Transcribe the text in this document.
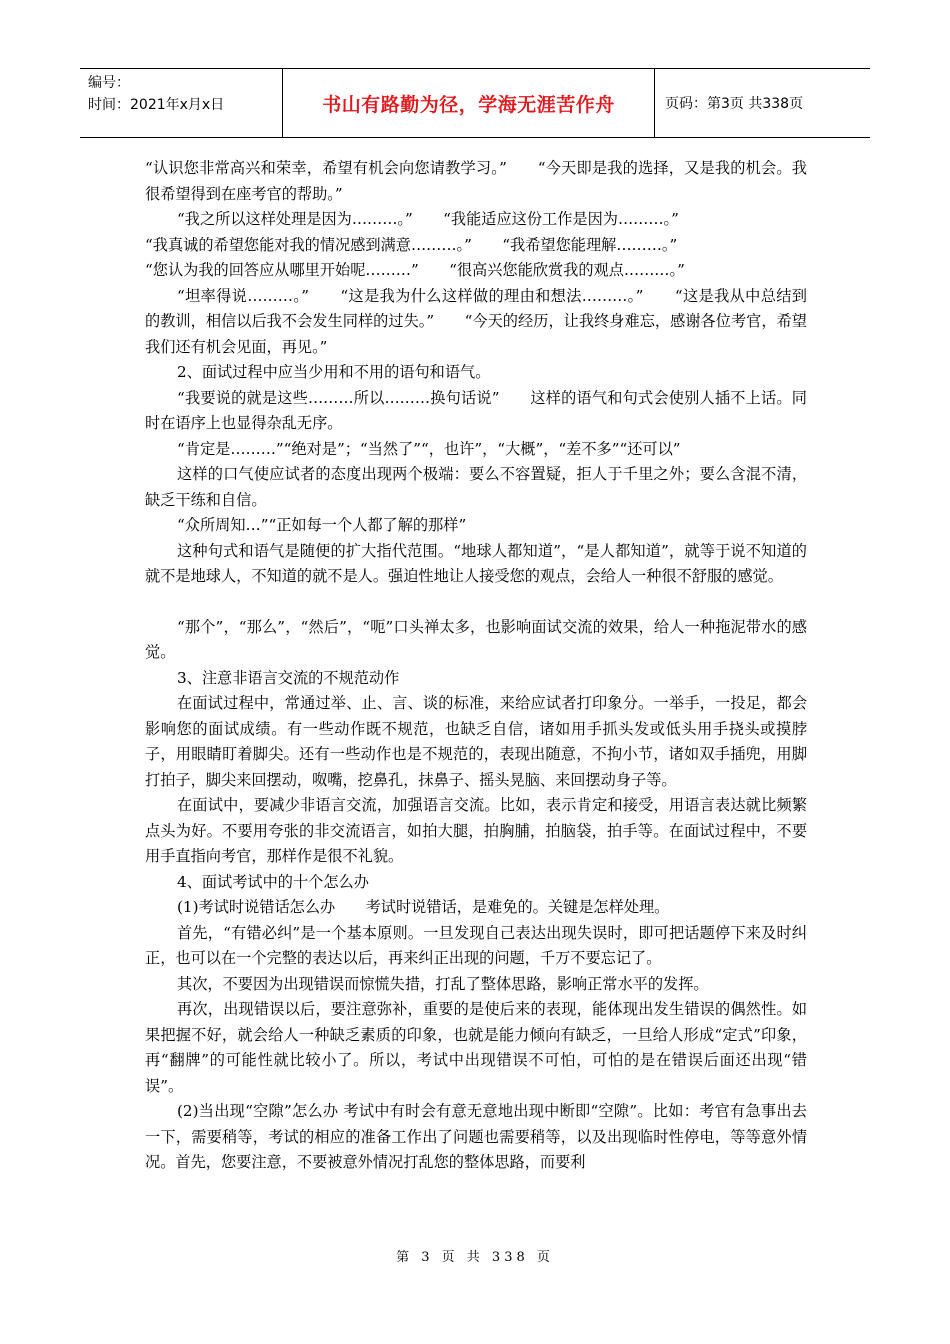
编号：
时间：2021年x月x日	书山有路勤为径，学海无涯苦作舟	页码：第3页 共338页

“认识您非常高兴和荣幸，希望有机会向您请教学习。”　　“今天即是我的选择，又是我的机会。我很希望得到在座考官的帮助。”

“我之所以这样处理是因为………。”　　“我能适应这份工作是因为………。”

“我真诚的希望您能对我的情况感到满意………。”　　“我希望您能理解………。”

“您认为我的回答应从哪里开始呢………”　　“很高兴您能欣赏我的观点………。”

“坦率得说………。”　　“这是我为什么这样做的理由和想法………。”　　“这是我从中总结到的教训，相信以后我不会发生同样的过失。”　　“今天的经历，让我终身难忘，感谢各位考官，希望我们还有机会见面，再见。”

2、面试过程中应当少用和不用的语句和语气。

“我要说的就是这些………所以………换句话说”　　这样的语气和句式会使别人插不上话。同时在语序上也显得杂乱无序。

“肯定是………”“绝对是”；“当然了”“，也许”，“大概”，“差不多”“还可以”

这样的口气使应试者的态度出现两个极端：要么不容置疑，拒人于千里之外；要么含混不清，缺乏干练和自信。

“众所周知…”“正如每一个人都了解的那样”

这种句式和语气是随便的扩大指代范围。“地球人都知道”，“是人都知道”，就等于说不知道的就不是地球人，不知道的就不是人。强迫性地让人接受您的观点，会给人一种很不舒服的感觉。

“那个”，“那么”，“然后”，“呃”口头禅太多，也影响面试交流的效果，给人一种拖泥带水的感觉。

3、注意非语言交流的不规范动作

在面试过程中，常通过举、止、言、谈的标准，来给应试者打印象分。一举手，一投足，都会影响您的面试成绩。有一些动作既不规范，也缺乏自信，诸如用手抓头发或低头用手挠头或摸脖子，用眼睛盯着脚尖。还有一些动作也是不规范的，表现出随意，不拘小节，诸如双手插兜，用脚打拍子，脚尖来回摆动，呶嘴，挖鼻孔，抹鼻子、摇头晃脑、来回摆动身子等。

在面试中，要减少非语言交流，加强语言交流。比如，表示肯定和接受，用语言表达就比频繁点头为好。不要用夸张的非交流语言，如拍大腿，拍胸脯，拍脑袋，拍手等。在面试过程中，不要用手直指向考官，那样作是很不礼貌。

4、面试考试中的十个怎么办

(1)考试时说错话怎么办　　考试时说错话，是难免的。关键是怎样处理。

首先，“有错必纠”是一个基本原则。一旦发现自己表达出现失误时，即可把话题停下来及时纠正，也可以在一个完整的表达以后，再来纠正出现的问题，千万不要忘记了。

其次，不要因为出现错误而惊慌失措，打乱了整体思路，影响正常水平的发挥。

再次，出现错误以后，要注意弥补，重要的是使后来的表现，能体现出发生错误的偶然性。如果把握不好，就会给人一种缺乏素质的印象，也就是能力倾向有缺乏，一旦给人形成“定式”印象，再“翻牌”的可能性就比较小了。所以，考试中出现错误不可怕，可怕的是在错误后面还出现“错误”。

(2)当出现“空隙”怎么办 考试中有时会有意无意地出现中断即“空隙”。比如：考官有急事出去一下，需要稍等，考试的相应的准备工作出了问题也需要稍等，以及出现临时性停电，等等意外情况。首先，您要注意，不要被意外情况打乱您的整体思路，而要利

第 3 页 共 338 页
